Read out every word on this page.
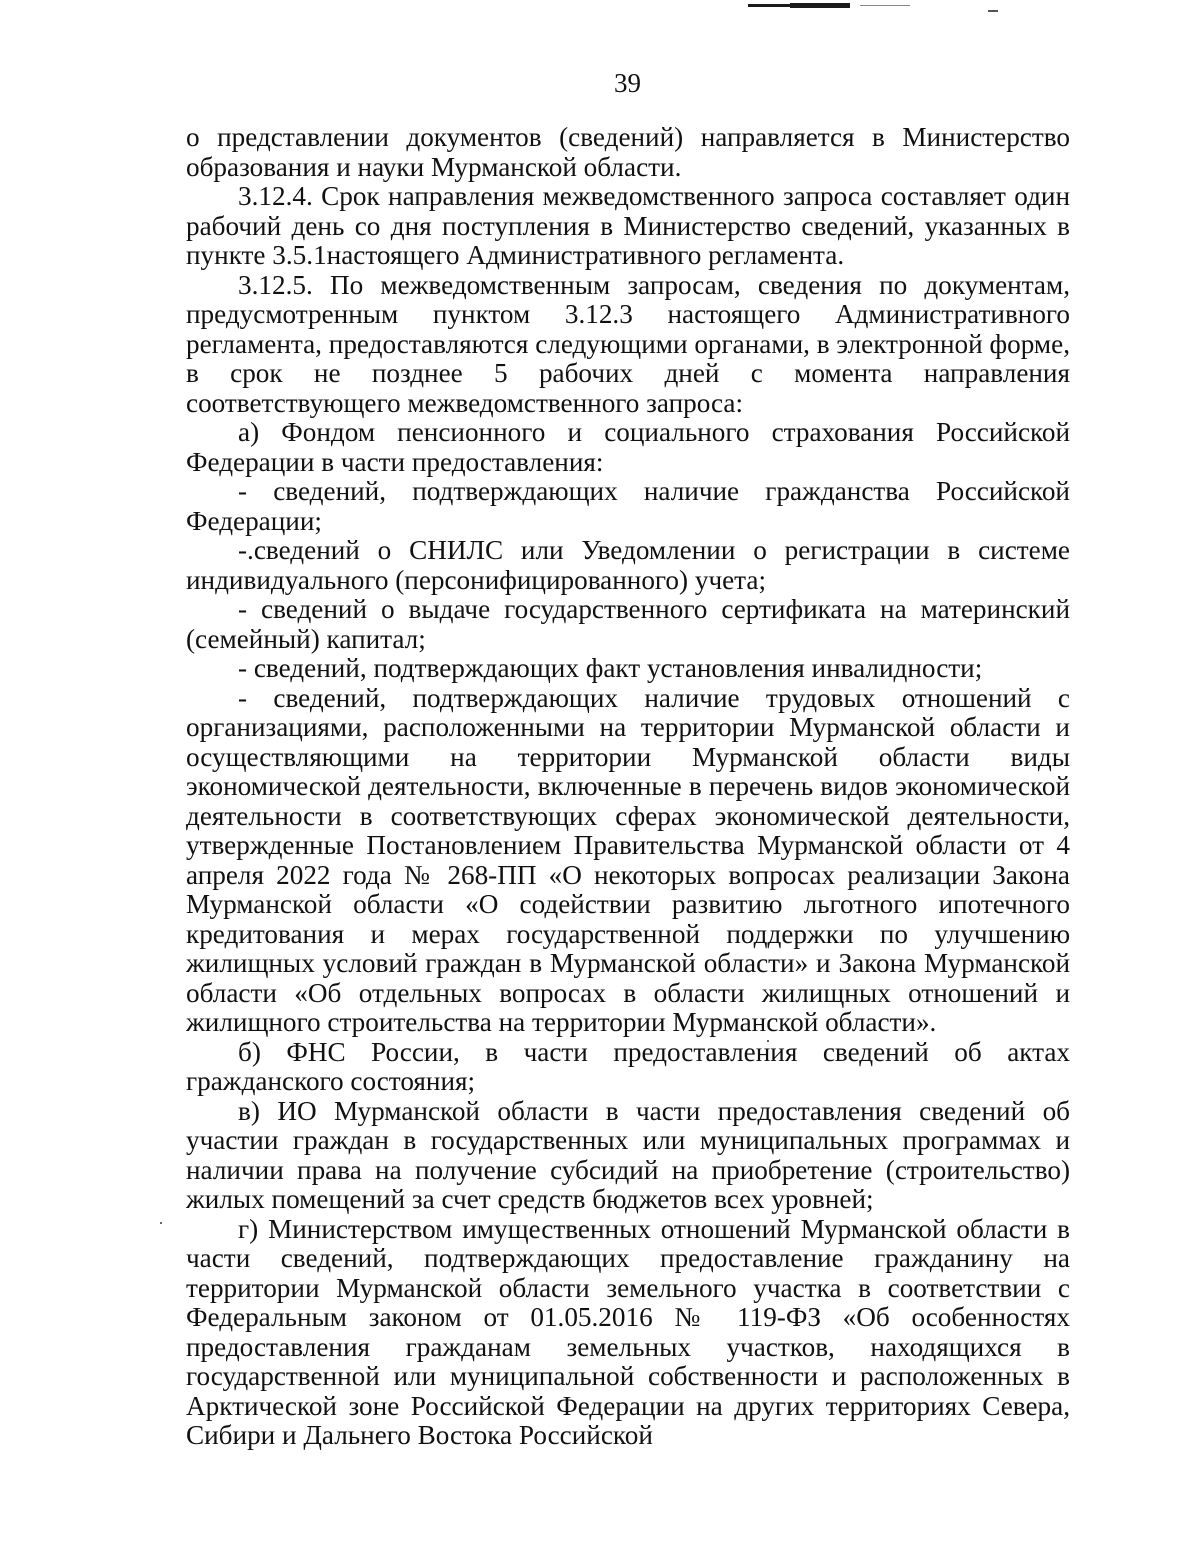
39

о представлении документов (сведений) направляется в Министерство образования и науки Мурманской области.

3.12.4. Срок направления межведомственного запроса составляет один рабочий день со дня поступления в Министерство сведений, указанных в пункте 3.5.1настоящего Административного регламента.

3.12.5. По межведомственным запросам, сведения по документам, предусмотренным пунктом 3.12.3 настоящего Административного регламента, предоставляются следующими органами, в электронной форме, в срок не позднее 5 рабочих дней с момента направления соответствующего межведомственного запроса:

а) Фондом пенсионного и социального страхования Российской Федерации в части предоставления:

- сведений, подтверждающих наличие гражданства Российской Федерации;

-.сведений о СНИЛС или Уведомлении о регистрации в системе индивидуального (персонифицированного) учета;

- сведений о выдаче государственного сертификата на материнский (семейный) капитал;

- сведений, подтверждающих факт установления инвалидности;

- сведений, подтверждающих наличие трудовых отношений с организациями, расположенными на территории Мурманской области и осуществляющими на территории Мурманской области виды экономической деятельности, включенные в перечень видов экономической деятельности в соответствующих сферах экономической деятельности, утвержденные Постановлением Правительства Мурманской области от 4 апреля 2022 года № 268-ПП «О некоторых вопросах реализации Закона Мурманской области «О содействии развитию льготного ипотечного кредитования и мерах государственной поддержки по улучшению жилищных условий граждан в Мурманской области» и Закона Мурманской области «Об отдельных вопросах в области жилищных отношений и жилищного строительства на территории Мурманской области».

б) ФНС России, в части предоставления сведений об актах гражданского состояния;

в) ИО Мурманской области в части предоставления сведений об участии граждан в государственных или муниципальных программах и наличии права на получение субсидий на приобретение (строительство) жилых помещений за счет средств бюджетов всех уровней;

г) Министерством имущественных отношений Мурманской области в части сведений, подтверждающих предоставление гражданину на территории Мурманской области земельного участка в соответствии с Федеральным законом от 01.05.2016 № 119-ФЗ «Об особенностях предоставления гражданам земельных участков, находящихся в государственной или муниципальной собственности и расположенных в Арктической зоне Российской Федерации на других территориях Севера, Сибири и Дальнего Востока Российской
